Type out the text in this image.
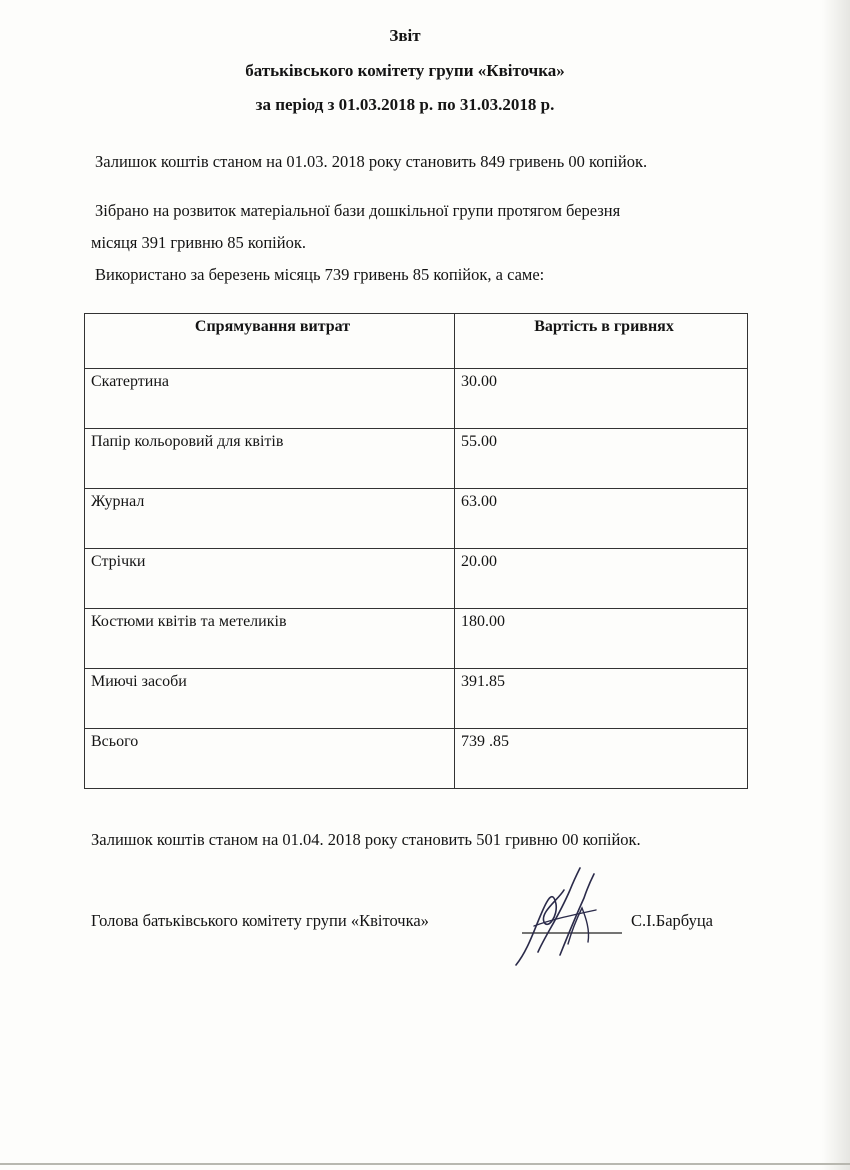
Звіт
батьківського комітету групи «Квіточка»
за період з 01.03.2018 р. по 31.03.2018 р.
Залишок коштів станом на 01.03. 2018 року становить 849 гривень 00 копійок.
Зібрано на розвиток матеріальної бази дошкільної групи протягом березня
місяця 391 гривню 85 копійок.
Використано за березень місяць 739 гривень 85 копійок, а саме:
Спрямування витрат	Вартість в гривнях
Скатертина	30.00
Папір кольоровий для квітів	55.00
Журнал	63.00
Стрічки	20.00
Костюми квітів та метеликів	180.00
Миючі засоби	391.85
Всього	739 .85
Залишок коштів станом на 01.04. 2018 року становить 501 гривню 00 копійок.
Голова батьківського комітету групи «Квіточка»	С.І.Барбуца
